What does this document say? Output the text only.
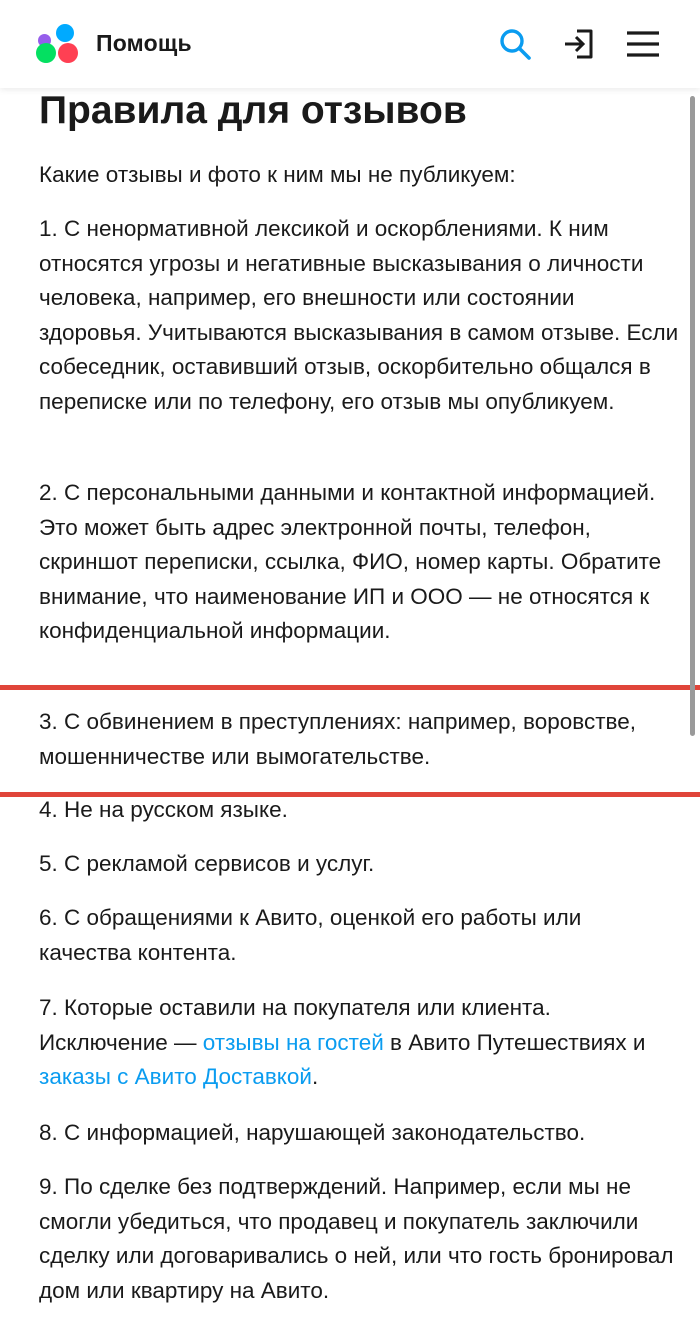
Помощь
Правила для отзывов

Какие отзывы и фото к ним мы не публикуем:

1. С ненормативной лексикой и оскорблениями. К ним относятся угрозы и негативные высказывания о личности человека, например, его внешности или состоянии здоровья. Учитываются высказывания в самом отзыве. Если собеседник, оставивший отзыв, оскорбительно общался в переписке или по телефону, его отзыв мы опубликуем.

2. С персональными данными и контактной информацией. Это может быть адрес электронной почты, телефон, скриншот переписки, ссылка, ФИО, номер карты. Обратите внимание, что наименование ИП и ООО — не относятся к конфиденциальной информации.

3. С обвинением в преступлениях: например, воровстве, мошенничестве или вымогательстве.

4. Не на русском языке.

5. С рекламой сервисов и услуг.

6. С обращениями к Авито, оценкой его работы или качества контента.

7. Которые оставили на покупателя или клиента. Исключение — отзывы на гостей в Авито Путешествиях и заказы с Авито Доставкой.

8. С информацией, нарушающей законодательство.

9. По сделке без подтверждений. Например, если мы не смогли убедиться, что продавец и покупатель заключили сделку или договаривались о ней, или что гость бронировал дом или квартиру на Авито.
